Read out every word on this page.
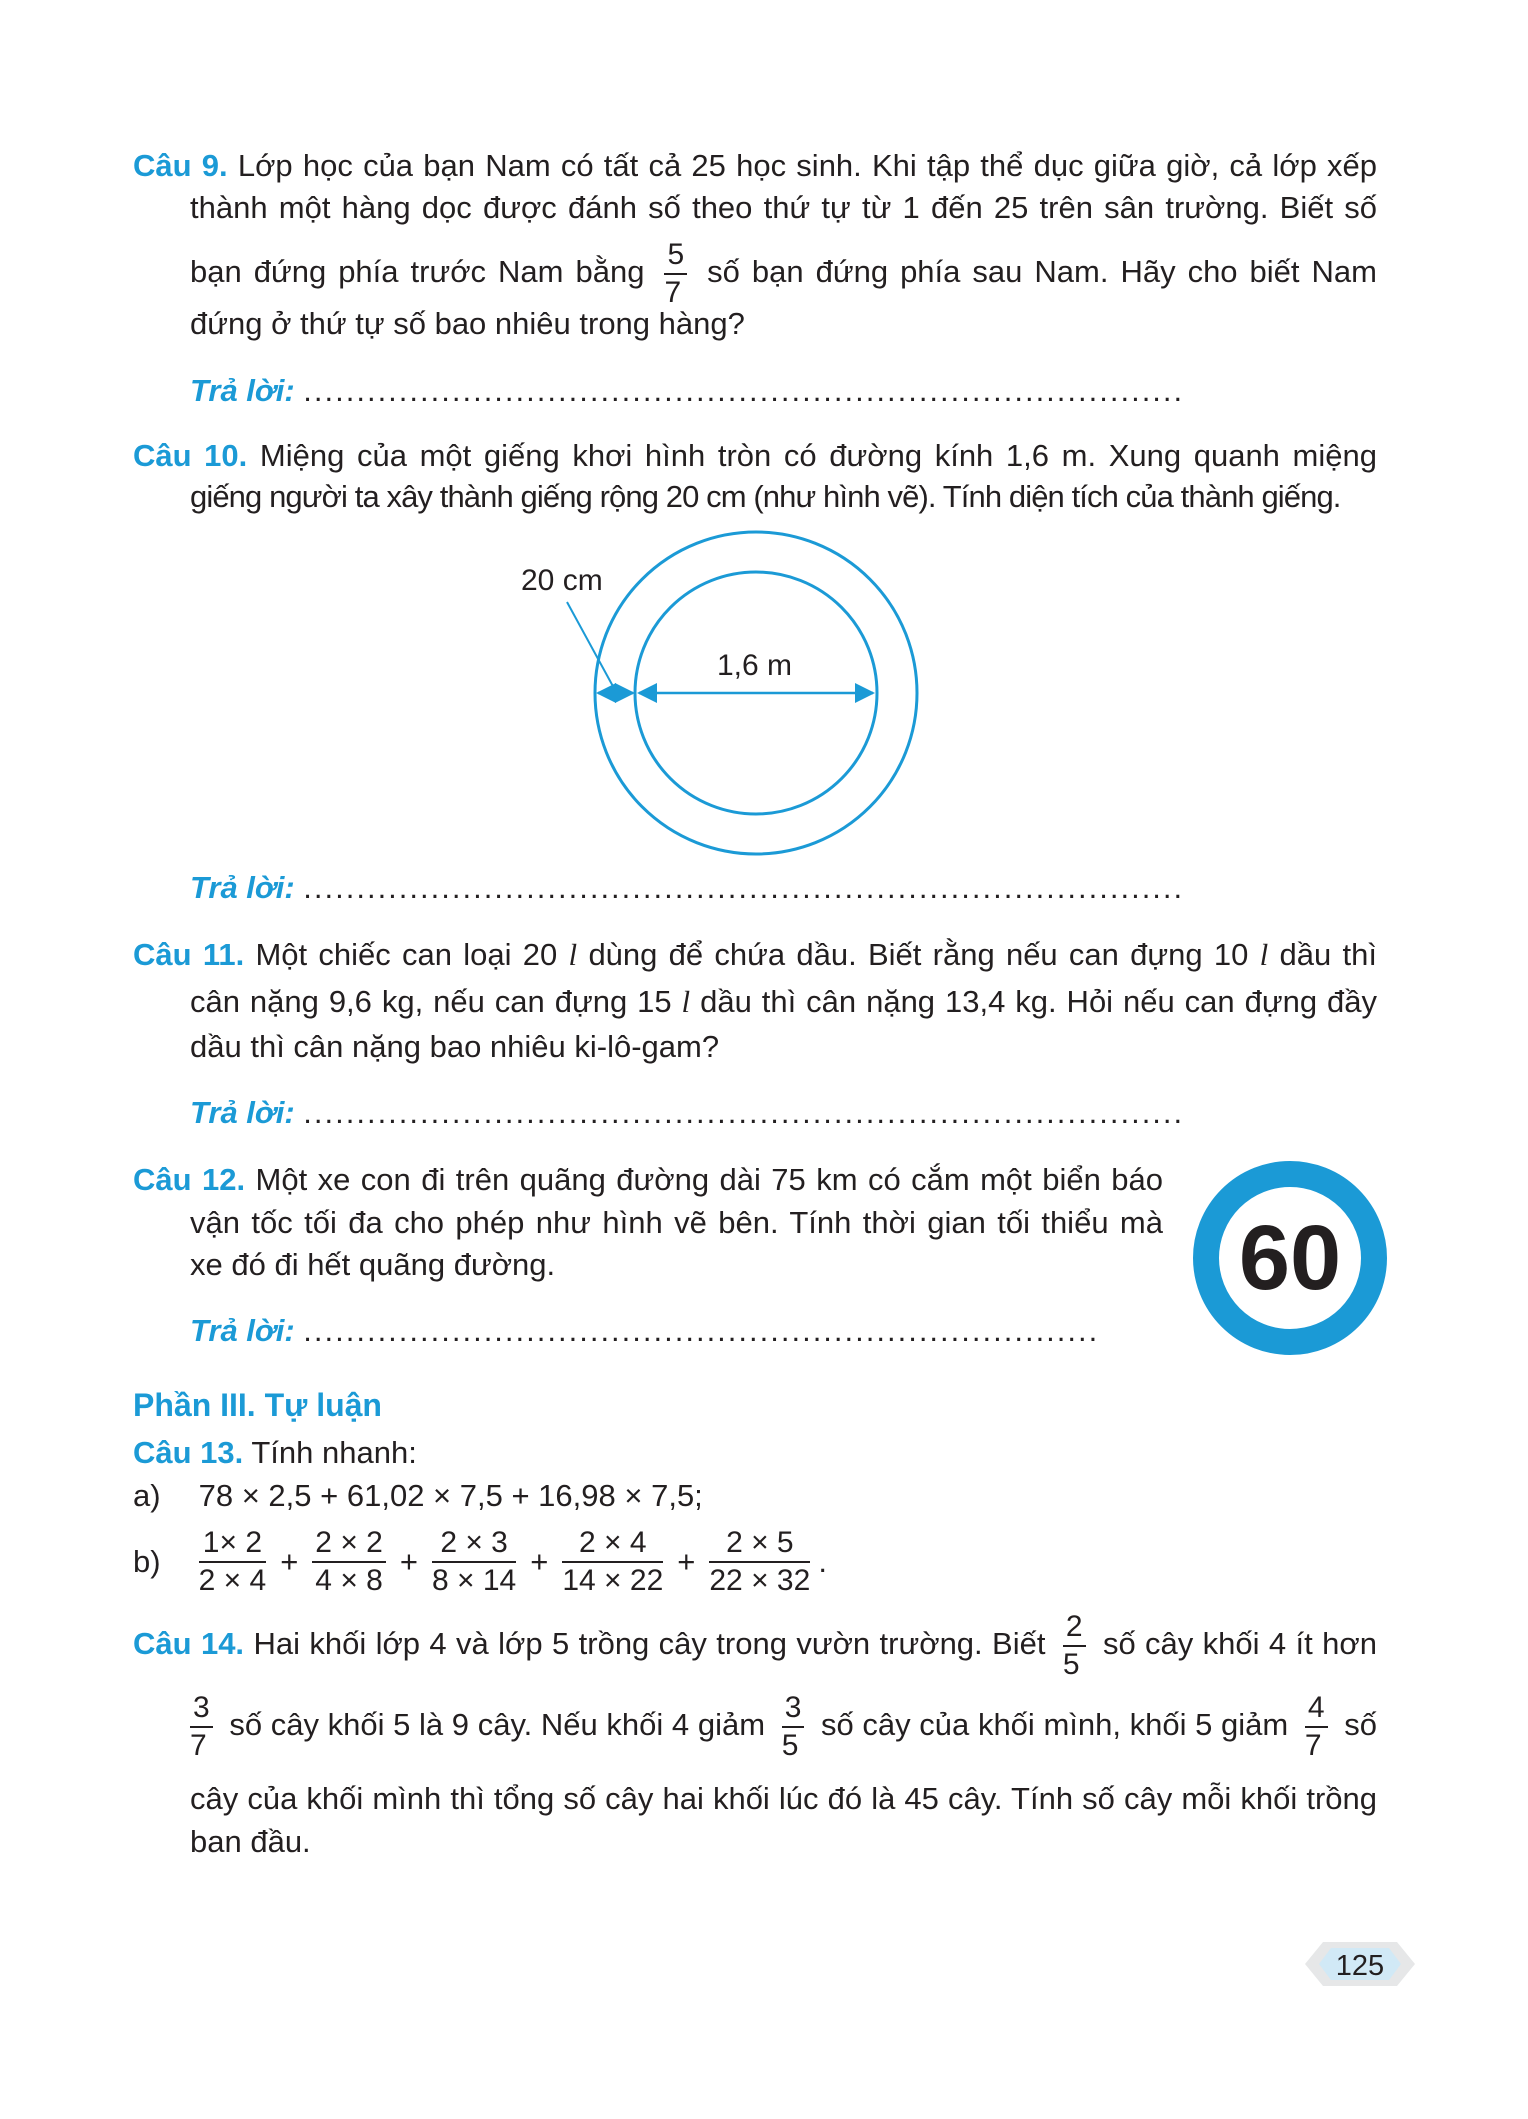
Câu 9. Lớp học của bạn Nam có tất cả 25 học sinh. Khi tập thể dục giữa giờ, cả lớp xếp
thành một hàng dọc được đánh số theo thứ tự từ 1 đến 25 trên sân trường. Biết số
bạn đứng phía trước Nam bằng $\frac{5}{7}$ số bạn đứng phía sau Nam. Hãy cho biết Nam
đứng ở thứ tự số bao nhiêu trong hàng?
Trả lời: ...................................................................................
Câu 10. Miệng của một giếng khơi hình tròn có đường kính 1,6 m. Xung quanh miệng
giếng người ta xây thành giếng rộng 20 cm (như hình vẽ). Tính diện tích của thành giếng.
20 cm
1,6 m
Trả lời: ...................................................................................
Câu 11. Một chiếc can loại 20 l dùng để chứa dầu. Biết rằng nếu can đựng 10 l dầu thì
cân nặng 9,6 kg, nếu can đựng 15 l dầu thì cân nặng 13,4 kg. Hỏi nếu can đựng đầy
dầu thì cân nặng bao nhiêu ki-lô-gam?
Trả lời: ...................................................................................
Câu 12. Một xe con đi trên quãng đường dài 75 km có cắm một biển báo
vận tốc tối đa cho phép như hình vẽ bên. Tính thời gian tối thiểu mà
xe đó đi hết quãng đường.
Trả lời: ...........................................................................
60
Phần III. Tự luận
Câu 13. Tính nhanh:
a) 78 × 2,5 + 61,02 × 7,5 + 16,98 × 7,5;
$b) \frac{1\times 2}{2 \times 4} + \frac{2 \times 2}{4 \times 8} + \frac{2 \times 3}{8 \times 14} + \frac{2 \times 4}{14 \times 22} + \frac{2 \times 5}{22 \times 32}$ .
Câu 14. Hai khối lớp 4 và lớp 5 trồng cây trong vườn trường. Biết $\frac{2}{5}$ số cây khối 4 ít hơn
$\frac{3}{7}$ số cây khối 5 là 9 cây. Nếu khối 4 giảm $\frac{3}{5}$ số cây của khối mình, khối 5 giảm $\frac{4}{7}$ số
cây của khối mình thì tổng số cây hai khối lúc đó là 45 cây. Tính số cây mỗi khối trồng
ban đầu.
125
